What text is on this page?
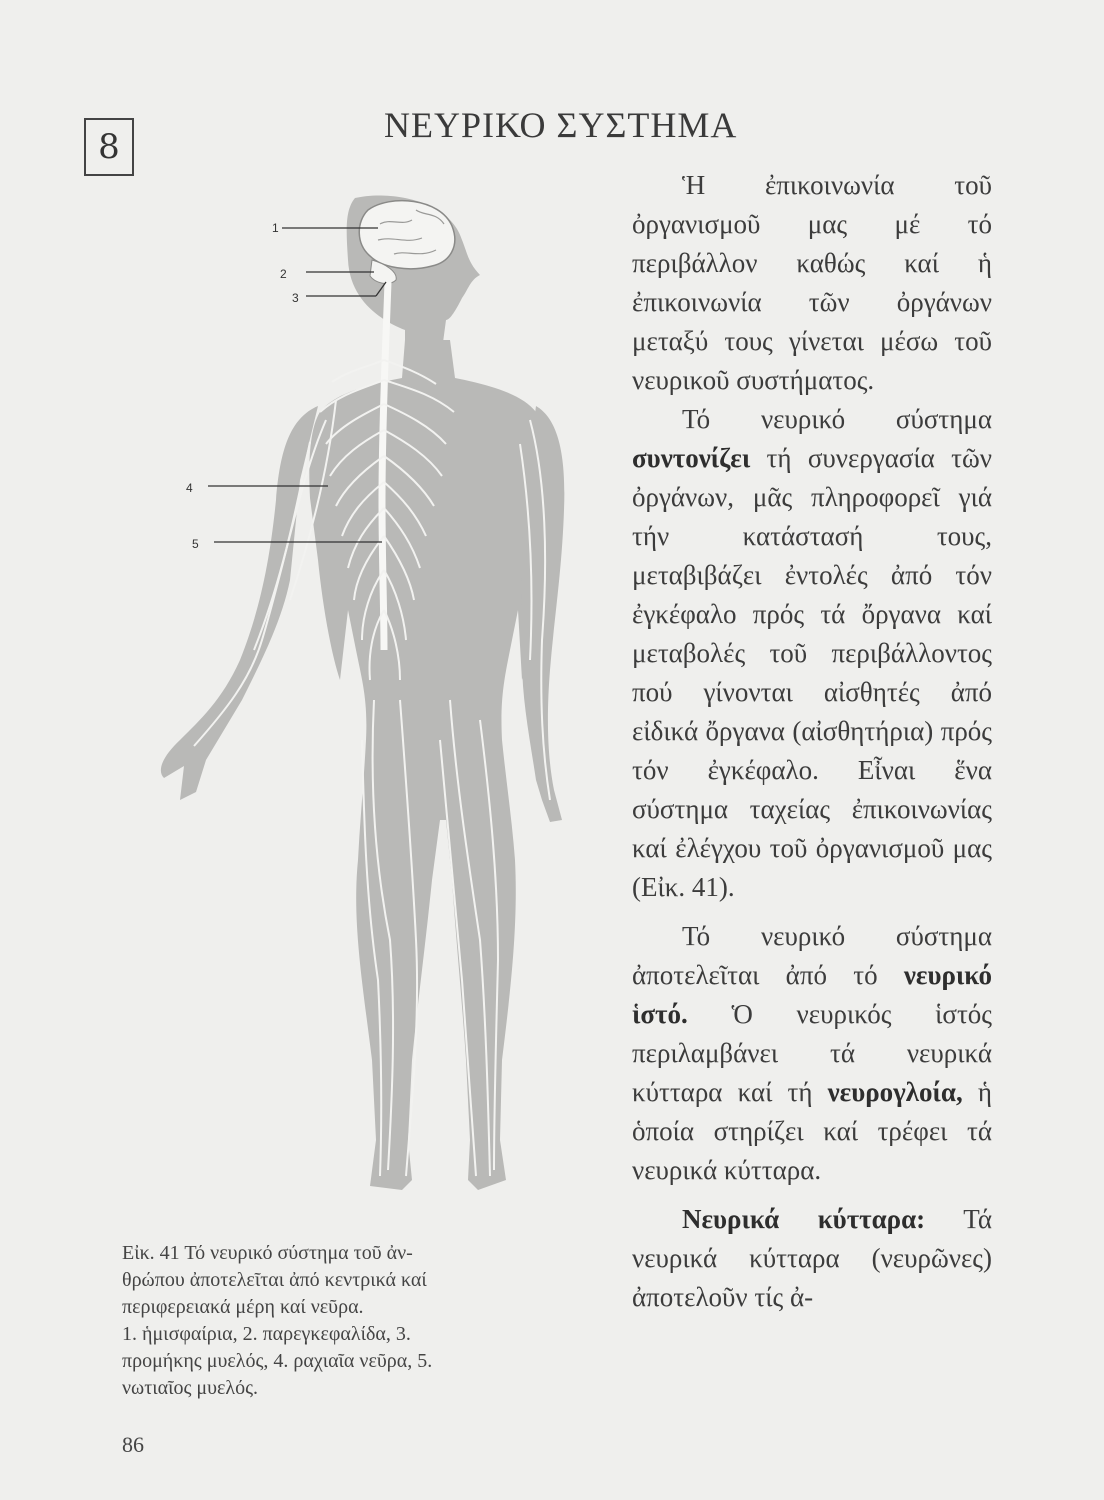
8
ΝΕΥΡΙΚΟ ΣΥΣΤΗΜΑ
1
2
3
4
5

Εἰκ. 41 Τό νευρικό σύστημα τοῦ ἀν-

θρώπου ἀποτελεῖται ἀπό κεντρικά καί

περιφερειακά μέρη καί νεῦρα.

1. ἡμισφαίρια, 2. παρεγκεφαλίδα, 3.

προμήκης μυελός, 4. ραχιαῖα νεῦρα, 5.

νωτιαῖος μυελός.

Ἡ ἐπικοινωνία τοῦ ὀργανισμοῦ μας μέ τό περιβάλλον καθώς καί ἡ ἐπικοινωνία τῶν ὀργάνων μεταξύ τους γίνεται μέσω τοῦ νευρικοῦ συστήματος.

Τό νευρικό σύστημα συντονίζει τή συνεργασία τῶν ὀργάνων, μᾶς πληροφορεῖ γιά τήν κατάστασή τους, μεταβιβάζει ἐντολές ἀπό τόν ἐγκέφαλο πρός τά ὄργανα καί μεταβολές τοῦ περιβάλλοντος πού γίνονται αἰσθητές ἀπό εἰδικά ὄργανα (αἰσθητήρια) πρός τόν ἐγκέφαλο. Εἶναι ἕνα σύστημα ταχείας ἐπικοινωνίας καί ἐλέγχου τοῦ ὀργανισμοῦ μας (Εἰκ. 41).

Τό νευρικό σύστημα ἀποτελεῖται ἀπό τό νευρικό ἱστό. Ὁ νευρικός ἱστός περιλαμβάνει τά νευρικά κύτταρα καί τή νευρογλοία, ἡ ὁποία στηρίζει καί τρέφει τά νευρικά κύτταρα.

Νευρικά κύτταρα: Τά νευρικά κύτταρα (νευρῶνες) ἀποτελοῦν τίς ἀ-

86
